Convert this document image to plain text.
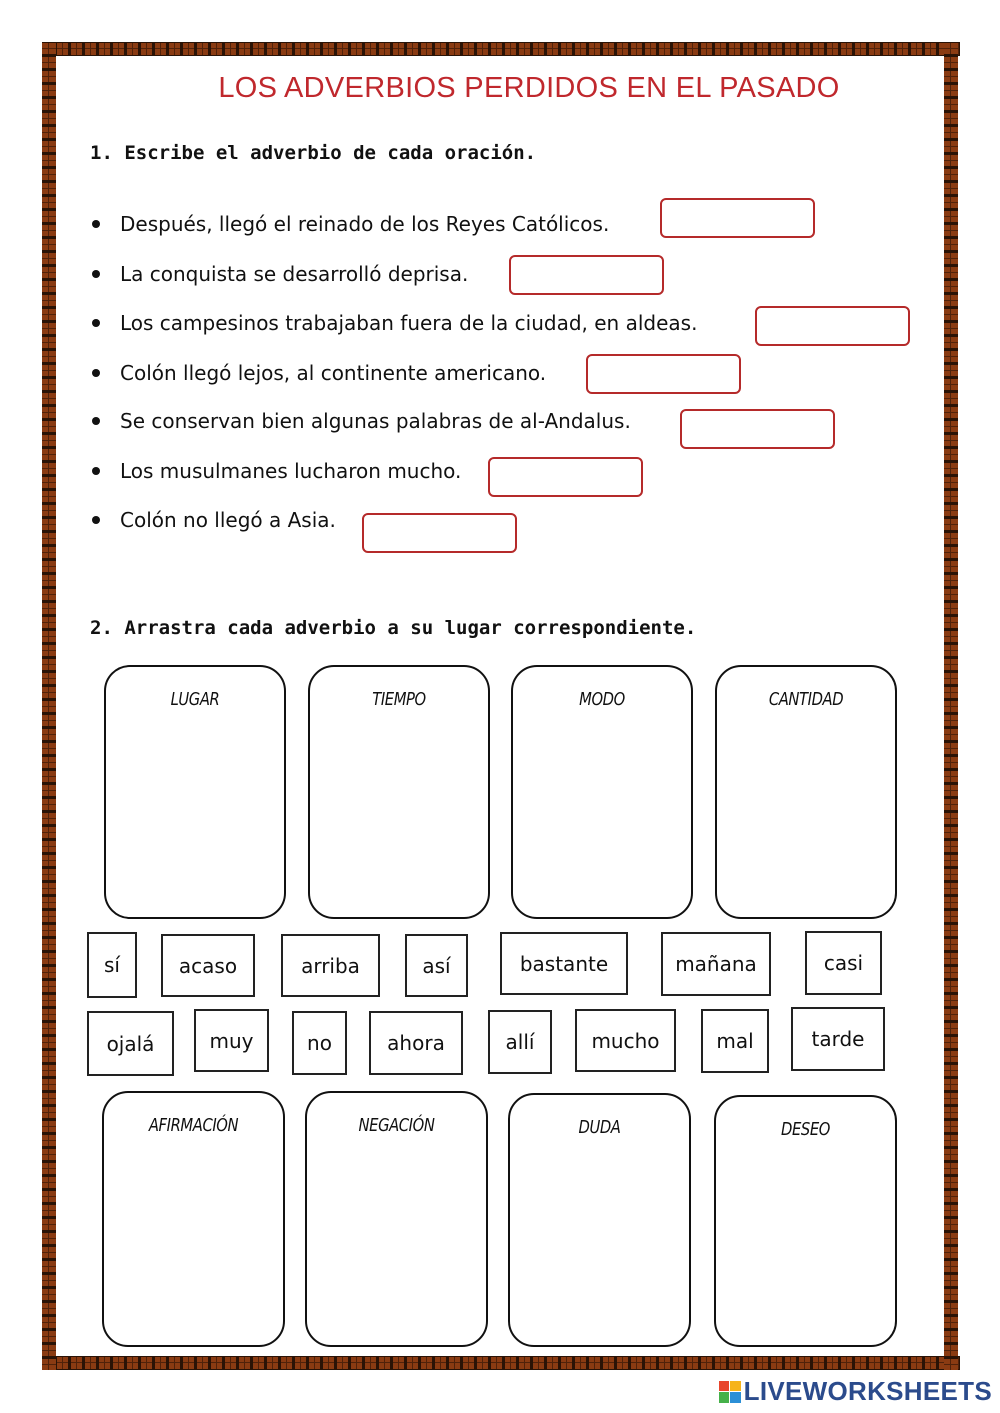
LOS ADVERBIOS PERDIDOS EN EL PASADO
1. Escribe el adverbio de cada oración.
Después, llegó el reinado de los Reyes Católicos.
La conquista se desarrolló deprisa.
Los campesinos trabajaban fuera de la ciudad, en aldeas.
Colón llegó lejos, al continente americano.
Se conservan bien algunas palabras de al-Andalus.
Los musulmanes lucharon mucho.
Colón no llegó a Asia.
2. Arrastra cada adverbio a su lugar correspondiente.
LUGAR	TIEMPO	MODO	CANTIDAD
sí	acaso	arriba	así	bastante	mañana	casi
ojalá	muy	no	ahora	allí	mucho	mal	tarde
AFIRMACIÓN	NEGACIÓN	DUDA	DESEO
LIVEWORKSHEETS
